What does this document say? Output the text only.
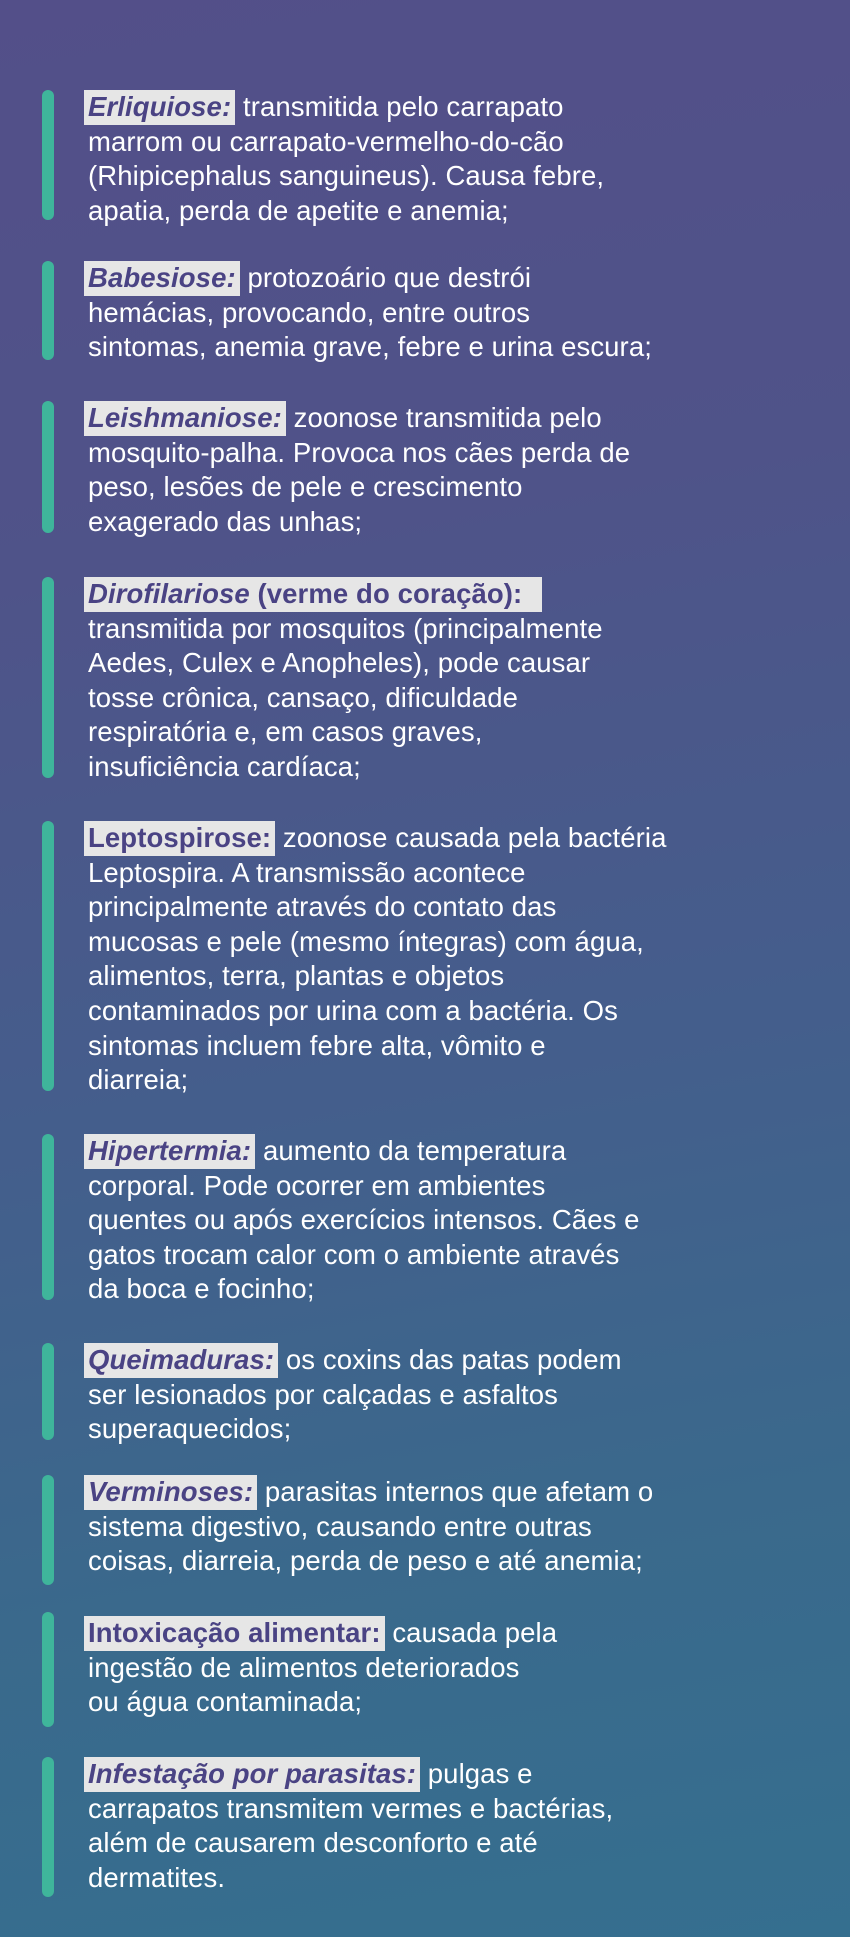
Erliquiose: transmitida pelo carrapato
marrom ou carrapato-vermelho-do-cão
(Rhipicephalus sanguineus). Causa febre,
apatia, perda de apetite e anemia;
Babesiose: protozoário que destrói
hemácias, provocando, entre outros
sintomas, anemia grave, febre e urina escura;
Leishmaniose: zoonose transmitida pelo
mosquito-palha. Provoca nos cães perda de
peso, lesões de pele e crescimento
exagerado das unhas;
Dirofilariose (verme do coração):
transmitida por mosquitos (principalmente
Aedes, Culex e Anopheles), pode causar
tosse crônica, cansaço, dificuldade
respiratória e, em casos graves,
insuficiência cardíaca;
Leptospirose: zoonose causada pela bactéria
Leptospira. A transmissão acontece
principalmente através do contato das
mucosas e pele (mesmo íntegras) com água,
alimentos, terra, plantas e objetos
contaminados por urina com a bactéria. Os
sintomas incluem febre alta, vômito e
diarreia;
Hipertermia: aumento da temperatura
corporal. Pode ocorrer em ambientes
quentes ou após exercícios intensos. Cães e
gatos trocam calor com o ambiente através
da boca e focinho;
Queimaduras: os coxins das patas podem
ser lesionados por calçadas e asfaltos
superaquecidos;
Verminoses: parasitas internos que afetam o
sistema digestivo, causando entre outras
coisas, diarreia, perda de peso e até anemia;
Intoxicação alimentar: causada pela
ingestão de alimentos deteriorados
ou água contaminada;
Infestação por parasitas: pulgas e
carrapatos transmitem vermes e bactérias,
além de causarem desconforto e até
dermatites.
